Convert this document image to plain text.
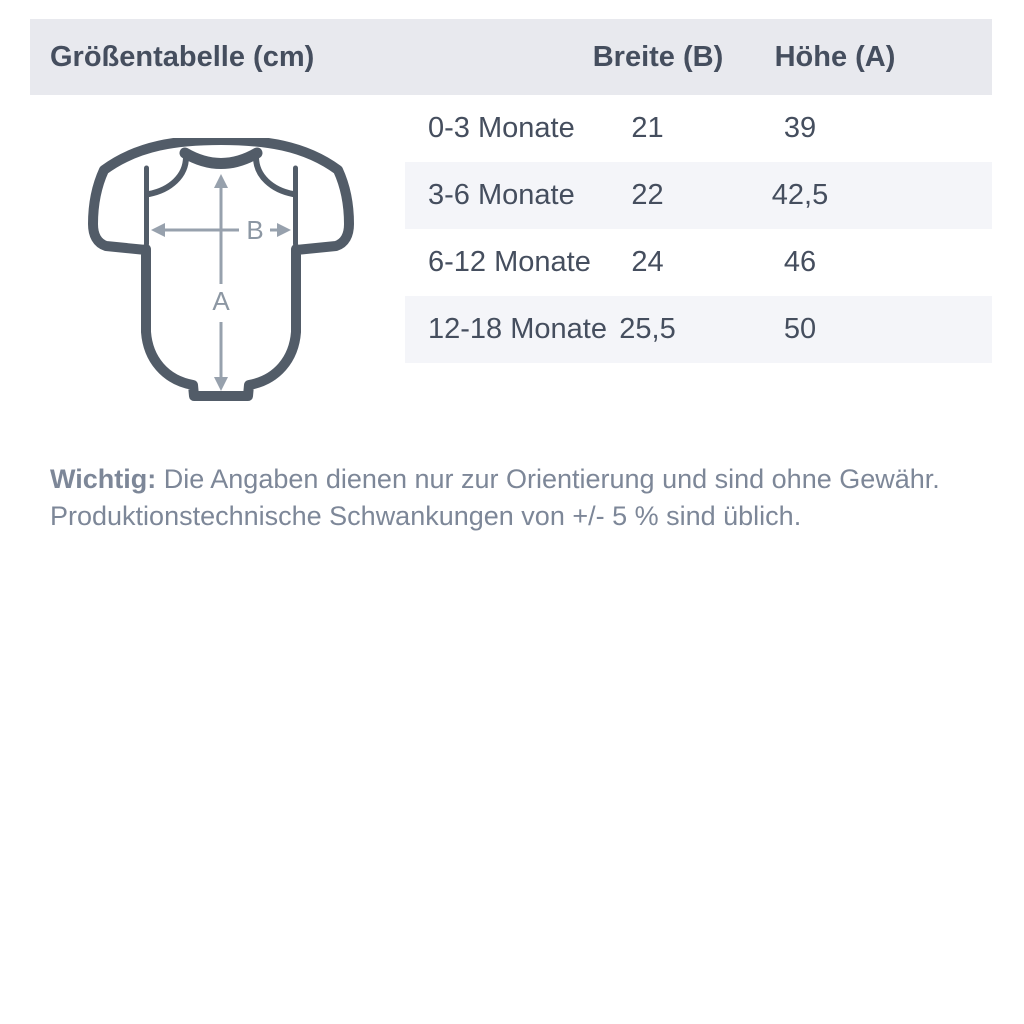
Größentabelle (cm)	Breite (B)	Höhe (A)
A
B
0-3 Monate	21	39
3-6 Monate	22	42,5
6-12 Monate	24	46
12-18 Monate 25,5	50

Wichtig: Die Angaben dienen nur zur Orientierung und sind ohne Gewähr.
Produktionstechnische Schwankungen von +/- 5 % sind üblich.
